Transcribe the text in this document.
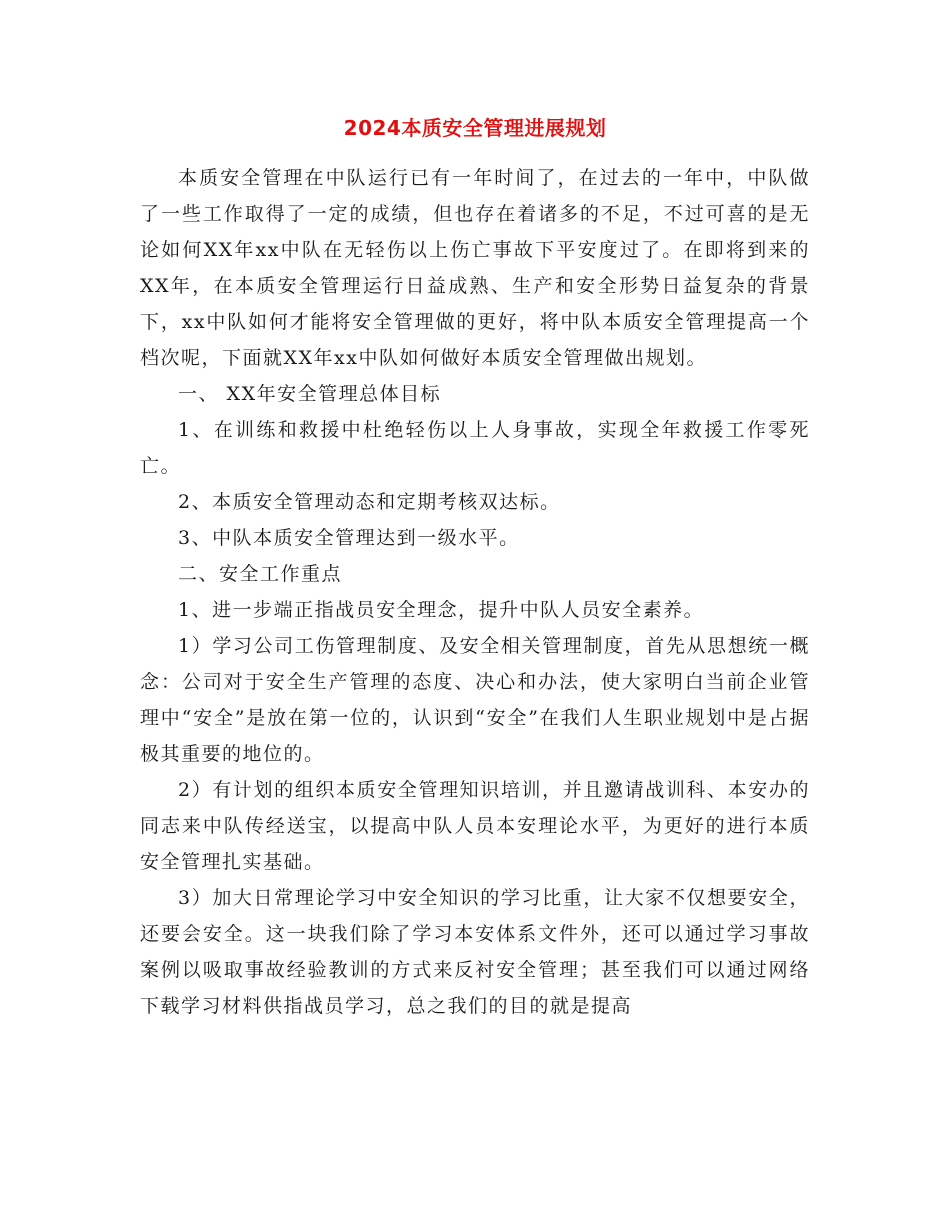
2024本质安全管理进展规划

本质安全管理在中队运行已有一年时间了，在过去的一年中，中队做了一些工作取得了一定的成绩，但也存在着诸多的不足，不过可喜的是无论如何XX年xx中队在无轻伤以上伤亡事故下平安度过了。在即将到来的XX年，在本质安全管理运行日益成熟、生产和安全形势日益复杂的背景下，xx中队如何才能将安全管理做的更好，将中队本质安全管理提高一个档次呢，下面就XX年xx中队如何做好本质安全管理做出规划。

一、 XX年安全管理总体目标

1、在训练和救援中杜绝轻伤以上人身事故，实现全年救援工作零死亡。

2、本质安全管理动态和定期考核双达标。

3、中队本质安全管理达到一级水平。

二、安全工作重点

1、进一步端正指战员安全理念，提升中队人员安全素养。

1）学习公司工伤管理制度、及安全相关管理制度，首先从思想统一概念：公司对于安全生产管理的态度、决心和办法，使大家明白当前企业管理中“安全”是放在第一位的，认识到“安全”在我们人生职业规划中是占据极其重要的地位的。

2）有计划的组织本质安全管理知识培训，并且邀请战训科、本安办的同志来中队传经送宝，以提高中队人员本安理论水平，为更好的进行本质安全管理扎实基础。

3）加大日常理论学习中安全知识的学习比重，让大家不仅想要安全，还要会安全。这一块我们除了学习本安体系文件外，还可以通过学习事故案例以吸取事故经验教训的方式来反衬安全管理；甚至我们可以通过网络下载学习材料供指战员学习，总之我们的目的就是提高
